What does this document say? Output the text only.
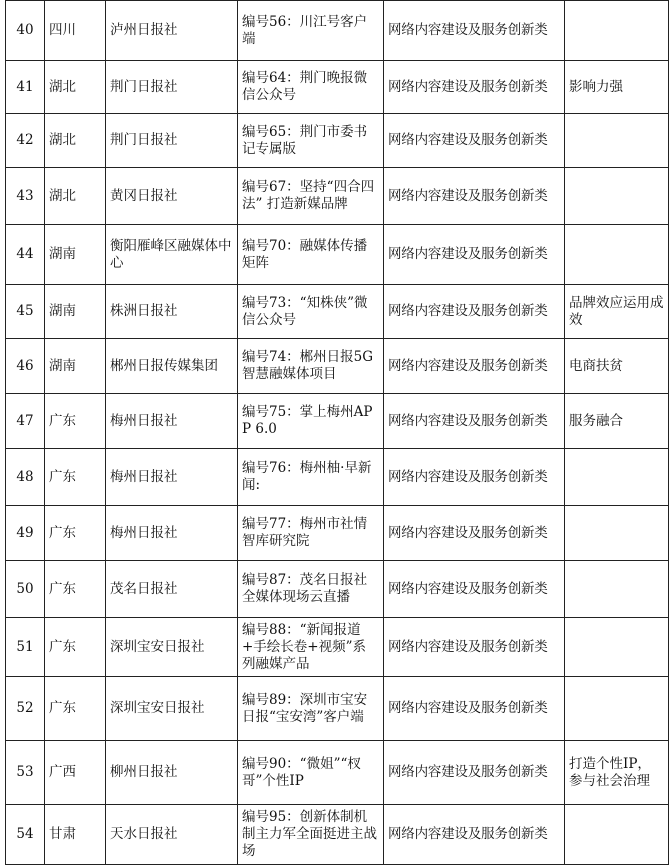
40	四川	泸州日报社	编号56：川江号客户端	网络内容建设及服务创新类	
41	湖北	荆门日报社	编号64：荆门晚报微信公众号	网络内容建设及服务创新类	影响力强
42	湖北	荆门日报社	编号65：荆门市委书记专属版	网络内容建设及服务创新类	
43	湖北	黄冈日报社	编号67：坚持“四合四法” 打造新媒品牌	网络内容建设及服务创新类	
44	湖南	衡阳雁峰区融媒体中心	编号70：融媒体传播矩阵	网络内容建设及服务创新类	
45	湖南	株洲日报社	编号73：“知株侠”微信公众号	网络内容建设及服务创新类	品牌效应运用成效
46	湖南	郴州日报传媒集团	编号74：郴州日报5G智慧融媒体项目	网络内容建设及服务创新类	电商扶贫
47	广东	梅州日报社	编号75：掌上梅州APP 6.0	网络内容建设及服务创新类	服务融合
48	广东	梅州日报社	编号76：梅州柚·早新闻:	网络内容建设及服务创新类	
49	广东	梅州日报社	编号77：梅州市社情智库研究院	网络内容建设及服务创新类	
50	广东	茂名日报社	编号87：茂名日报社全媒体现场云直播	网络内容建设及服务创新类	
51	广东	深圳宝安日报社	编号88：“新闻报道+手绘长卷+视频”系列融媒产品	网络内容建设及服务创新类	
52	广东	深圳宝安日报社	编号89：深圳市宝安日报“宝安湾”客户端	网络内容建设及服务创新类	
53	广西	柳州日报社	编号90：“微姐”“杈哥”个性IP	网络内容建设及服务创新类	打造个性IP，参与社会治理
54	甘肃	天水日报社	编号95：创新体制机制主力军全面挺进主战场	网络内容建设及服务创新类	
